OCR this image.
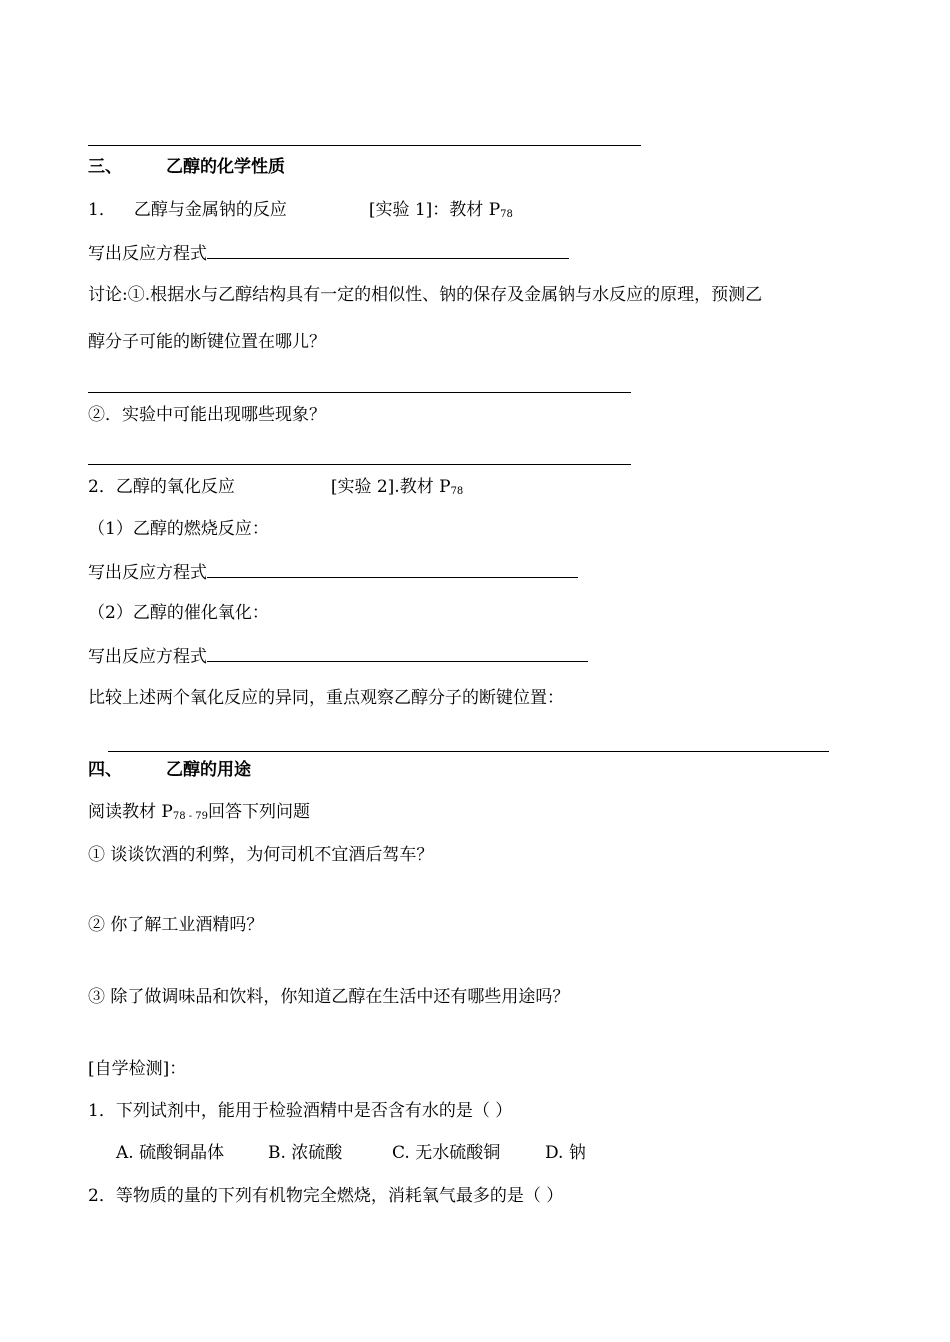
三、	乙醇的化学性质
1． 乙醇与金属钠的反应	[实验 1]：教材 $P_{78}$
写出反应方程式
讨论:①.根据水与乙醇结构具有一定的相似性、钠的保存及金属钠与水反应的原理，预测乙
醇分子可能的断键位置在哪儿？
②．实验中可能出现哪些现象？
2．乙醇的氧化反应	[实验 2].教材 $P_{78}$
（1）乙醇的燃烧反应：
写出反应方程式
（2）乙醇的催化氧化：
写出反应方程式
比较上述两个氧化反应的异同，重点观察乙醇分子的断键位置：
四、	乙醇的用途
阅读教材 $P_{78 - 79}$回答下列问题
① 谈谈饮酒的利弊，为何司机不宜酒后驾车？
② 你了解工业酒精吗？
③ 除了做调味品和饮料，你知道乙醇在生活中还有哪些用途吗？
[自学检测]：
1．下列试剂中，能用于检验酒精中是否含有水的是（ ）
A. 硫酸铜晶体	B. 浓硫酸	C. 无水硫酸铜	D. 钠
2．等物质的量的下列有机物完全燃烧，消耗氧气最多的是（ ）
